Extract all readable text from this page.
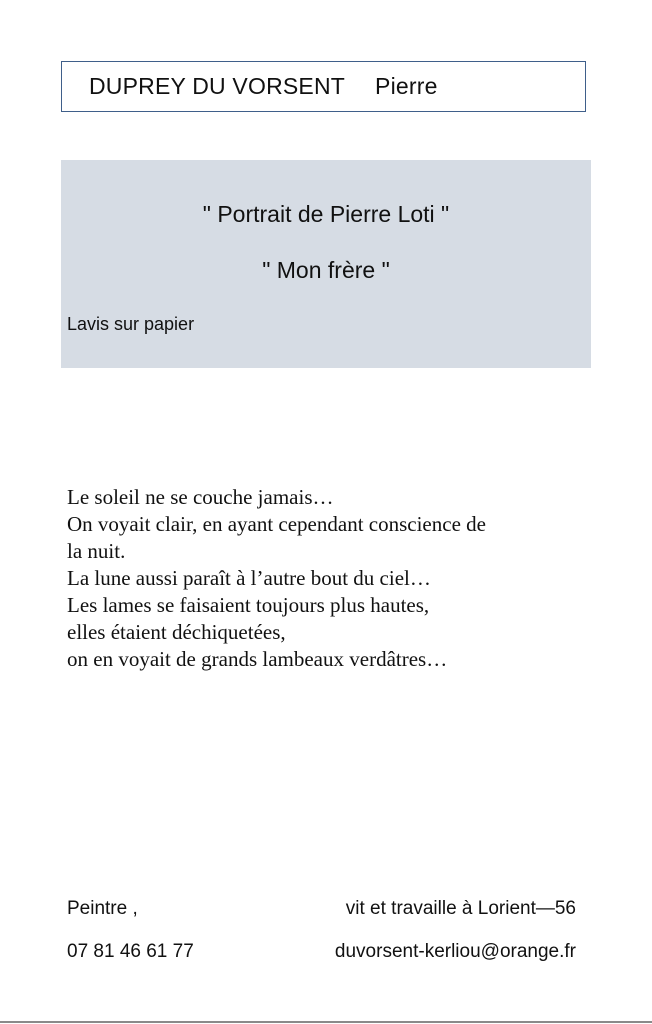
DUPREY DU VORSENT Pierre
" Portrait de Pierre Loti "
" Mon frère "
Lavis sur papier
Le soleil ne se couche jamais…
On voyait clair, en ayant cependant conscience de
la nuit.
La lune aussi paraît à l’autre bout du ciel…
Les lames se faisaient toujours plus hautes,
elles étaient déchiquetées,
on en voyait de grands lambeaux verdâtres…
Peintre ,	vit et travaille à Lorient—56
07 81 46 61 77	duvorsent-kerliou@orange.fr
